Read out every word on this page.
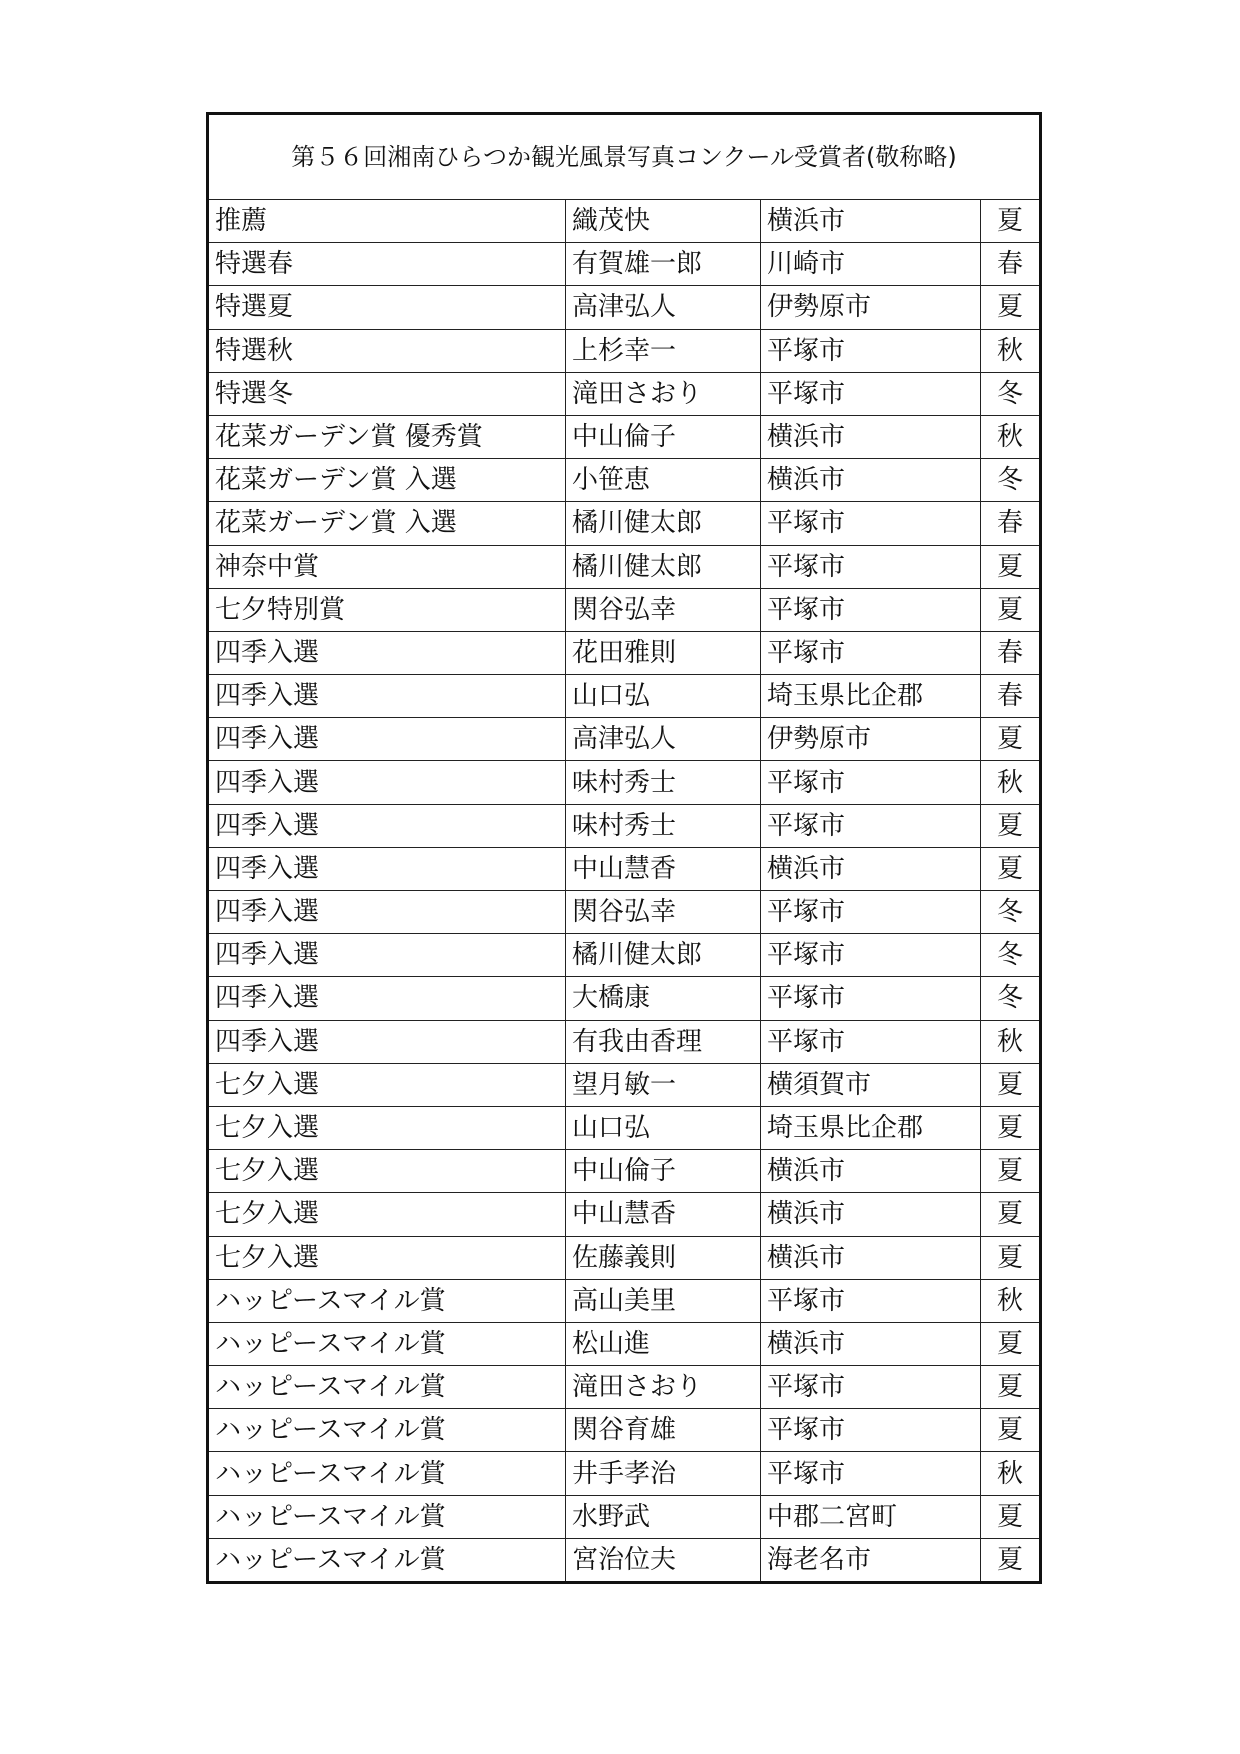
第５６回湘南ひらつか観光風景写真コンクール受賞者(敬称略)			
推薦	織茂快	横浜市	夏
特選春	有賀雄一郎	川崎市	春
特選夏	高津弘人	伊勢原市	夏
特選秋	上杉幸一	平塚市	秋
特選冬	滝田さおり	平塚市	冬
花菜ガーデン賞 優秀賞	中山倫子	横浜市	秋
花菜ガーデン賞 入選	小笹恵	横浜市	冬
花菜ガーデン賞 入選	橘川健太郎	平塚市	春
神奈中賞	橘川健太郎	平塚市	夏
七夕特別賞	関谷弘幸	平塚市	夏
四季入選	花田雅則	平塚市	春
四季入選	山口弘	埼玉県比企郡	春
四季入選	高津弘人	伊勢原市	夏
四季入選	味村秀士	平塚市	秋
四季入選	味村秀士	平塚市	夏
四季入選	中山慧香	横浜市	夏
四季入選	関谷弘幸	平塚市	冬
四季入選	橘川健太郎	平塚市	冬
四季入選	大橋康	平塚市	冬
四季入選	有我由香理	平塚市	秋
七夕入選	望月敏一	横須賀市	夏
七夕入選	山口弘	埼玉県比企郡	夏
七夕入選	中山倫子	横浜市	夏
七夕入選	中山慧香	横浜市	夏
七夕入選	佐藤義則	横浜市	夏
ハッピースマイル賞	高山美里	平塚市	秋
ハッピースマイル賞	松山進	横浜市	夏
ハッピースマイル賞	滝田さおり	平塚市	夏
ハッピースマイル賞	関谷育雄	平塚市	夏
ハッピースマイル賞	井手孝治	平塚市	秋
ハッピースマイル賞	水野武	中郡二宮町	夏
ハッピースマイル賞	宮治位夫	海老名市	夏
